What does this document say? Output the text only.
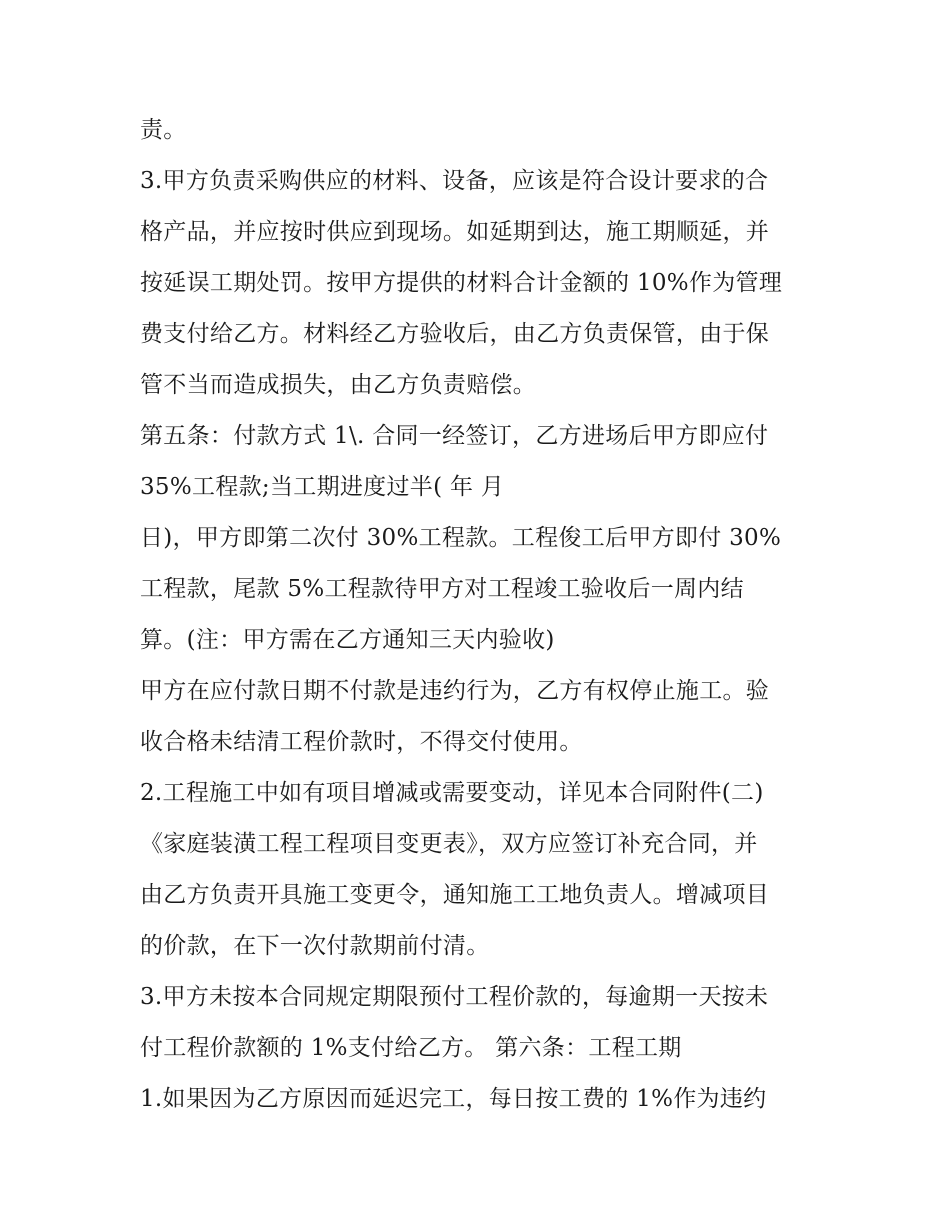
责。
3.甲方负责采购供应的材料、设备，应该是符合设计要求的合
格产品，并应按时供应到现场。如延期到达，施工期顺延，并
按延误工期处罚。按甲方提供的材料合计金额的 10%作为管理
费支付给乙方。材料经乙方验收后，由乙方负责保管，由于保
管不当而造成损失，由乙方负责赔偿。
第五条：付款方式 1\. 合同一经签订，乙方进场后甲方即应付
35%工程款;当工期进度过半( 年 月
日)，甲方即第二次付 30%工程款。工程俊工后甲方即付 30%
工程款，尾款 5%工程款待甲方对工程竣工验收后一周内结
算。(注：甲方需在乙方通知三天内验收)
甲方在应付款日期不付款是违约行为，乙方有权停止施工。验
收合格未结清工程价款时，不得交付使用。
2.工程施工中如有项目增减或需要变动，详见本合同附件(二)
《家庭装潢工程工程项目变更表》，双方应签订补充合同，并
由乙方负责开具施工变更令，通知施工工地负责人。增减项目
的价款，在下一次付款期前付清。
3.甲方未按本合同规定期限预付工程价款的，每逾期一天按未
付工程价款额的 1%支付给乙方。 第六条：工程工期
1.如果因为乙方原因而延迟完工，每日按工费的 1%作为违约
